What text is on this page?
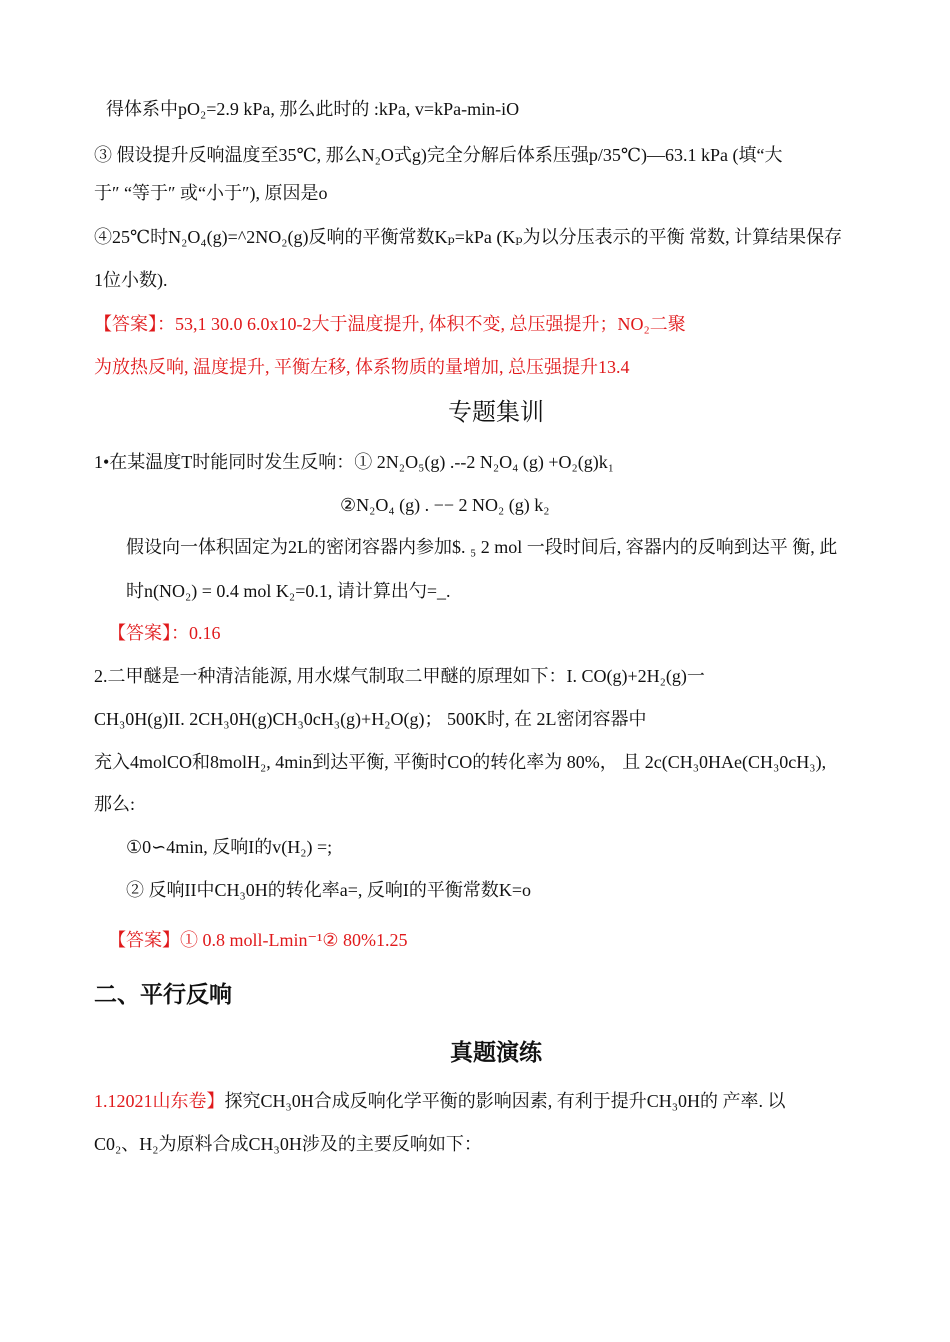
得体系中pO₂=2.9 kPa, 那么此时的 :kPa, v=kPa-min-iO
③ 假设提升反响温度至35℃, 那么N₂O式g)完全分解后体系压强p/35℃)—63.1 kPa (填“大
于″ “等于″ 或“小于″), 原因是o
④25℃时N₂O₄(g)=^2NO₂(g)反响的平衡常数Kₚ=kPa (Kₚ为以分压表示的平衡 常数, 计算结果保存
1位小数).
【答案】：53,1 30.0 6.0x10-2大于温度提升, 体积不变, 总压强提升；NO₂二聚
为放热反响, 温度提升, 平衡左移, 体系物质的量增加, 总压强提升13.4
专题集训
1•在某温度T时能同时发生反响：① 2N₂O₅(g) .--2 N₂O₄ (g) +O₂(g)k₁
②N₂O₄ (g) . −− 2 NO₂ (g) k₂
假设向一体积固定为2L的密闭容器内参加$. ₅ 2 mol 一段时间后, 容器内的反响到达平 衡, 此
时n(NO₂) = 0.4 mol K₂=0.1, 请计算出勺=_.
【答案】：0.16
2.二甲醚是一种清洁能源, 用水煤气制取二甲醚的原理如下：I. CO(g)+2H₂(g)一
CH₃0H(g)II. 2CH₃0H(g)CH₃0cH₃(g)+H₂O(g)； 500K时, 在 2L密闭容器中
充入4molCO和8molH₂, 4min到达平衡, 平衡时CO的转化率为 80%， 且 2c(CH₃0HAe(CH₃0cH₃),
那么:
①0∽4min, 反响I的v(H₂) =;
② 反响II中CH₃0H的转化率a=, 反响I的平衡常数K=o
【答案】① 0.8 moll-Lmin⁻¹② 80%1.25
二、平行反响
真题演练
1.12021山东卷】探究CH₃0H合成反响化学平衡的影响因素, 有利于提升CH₃0H的 产率. 以
C0₂、H₂为原料合成CH₃0H涉及的主要反响如下：
